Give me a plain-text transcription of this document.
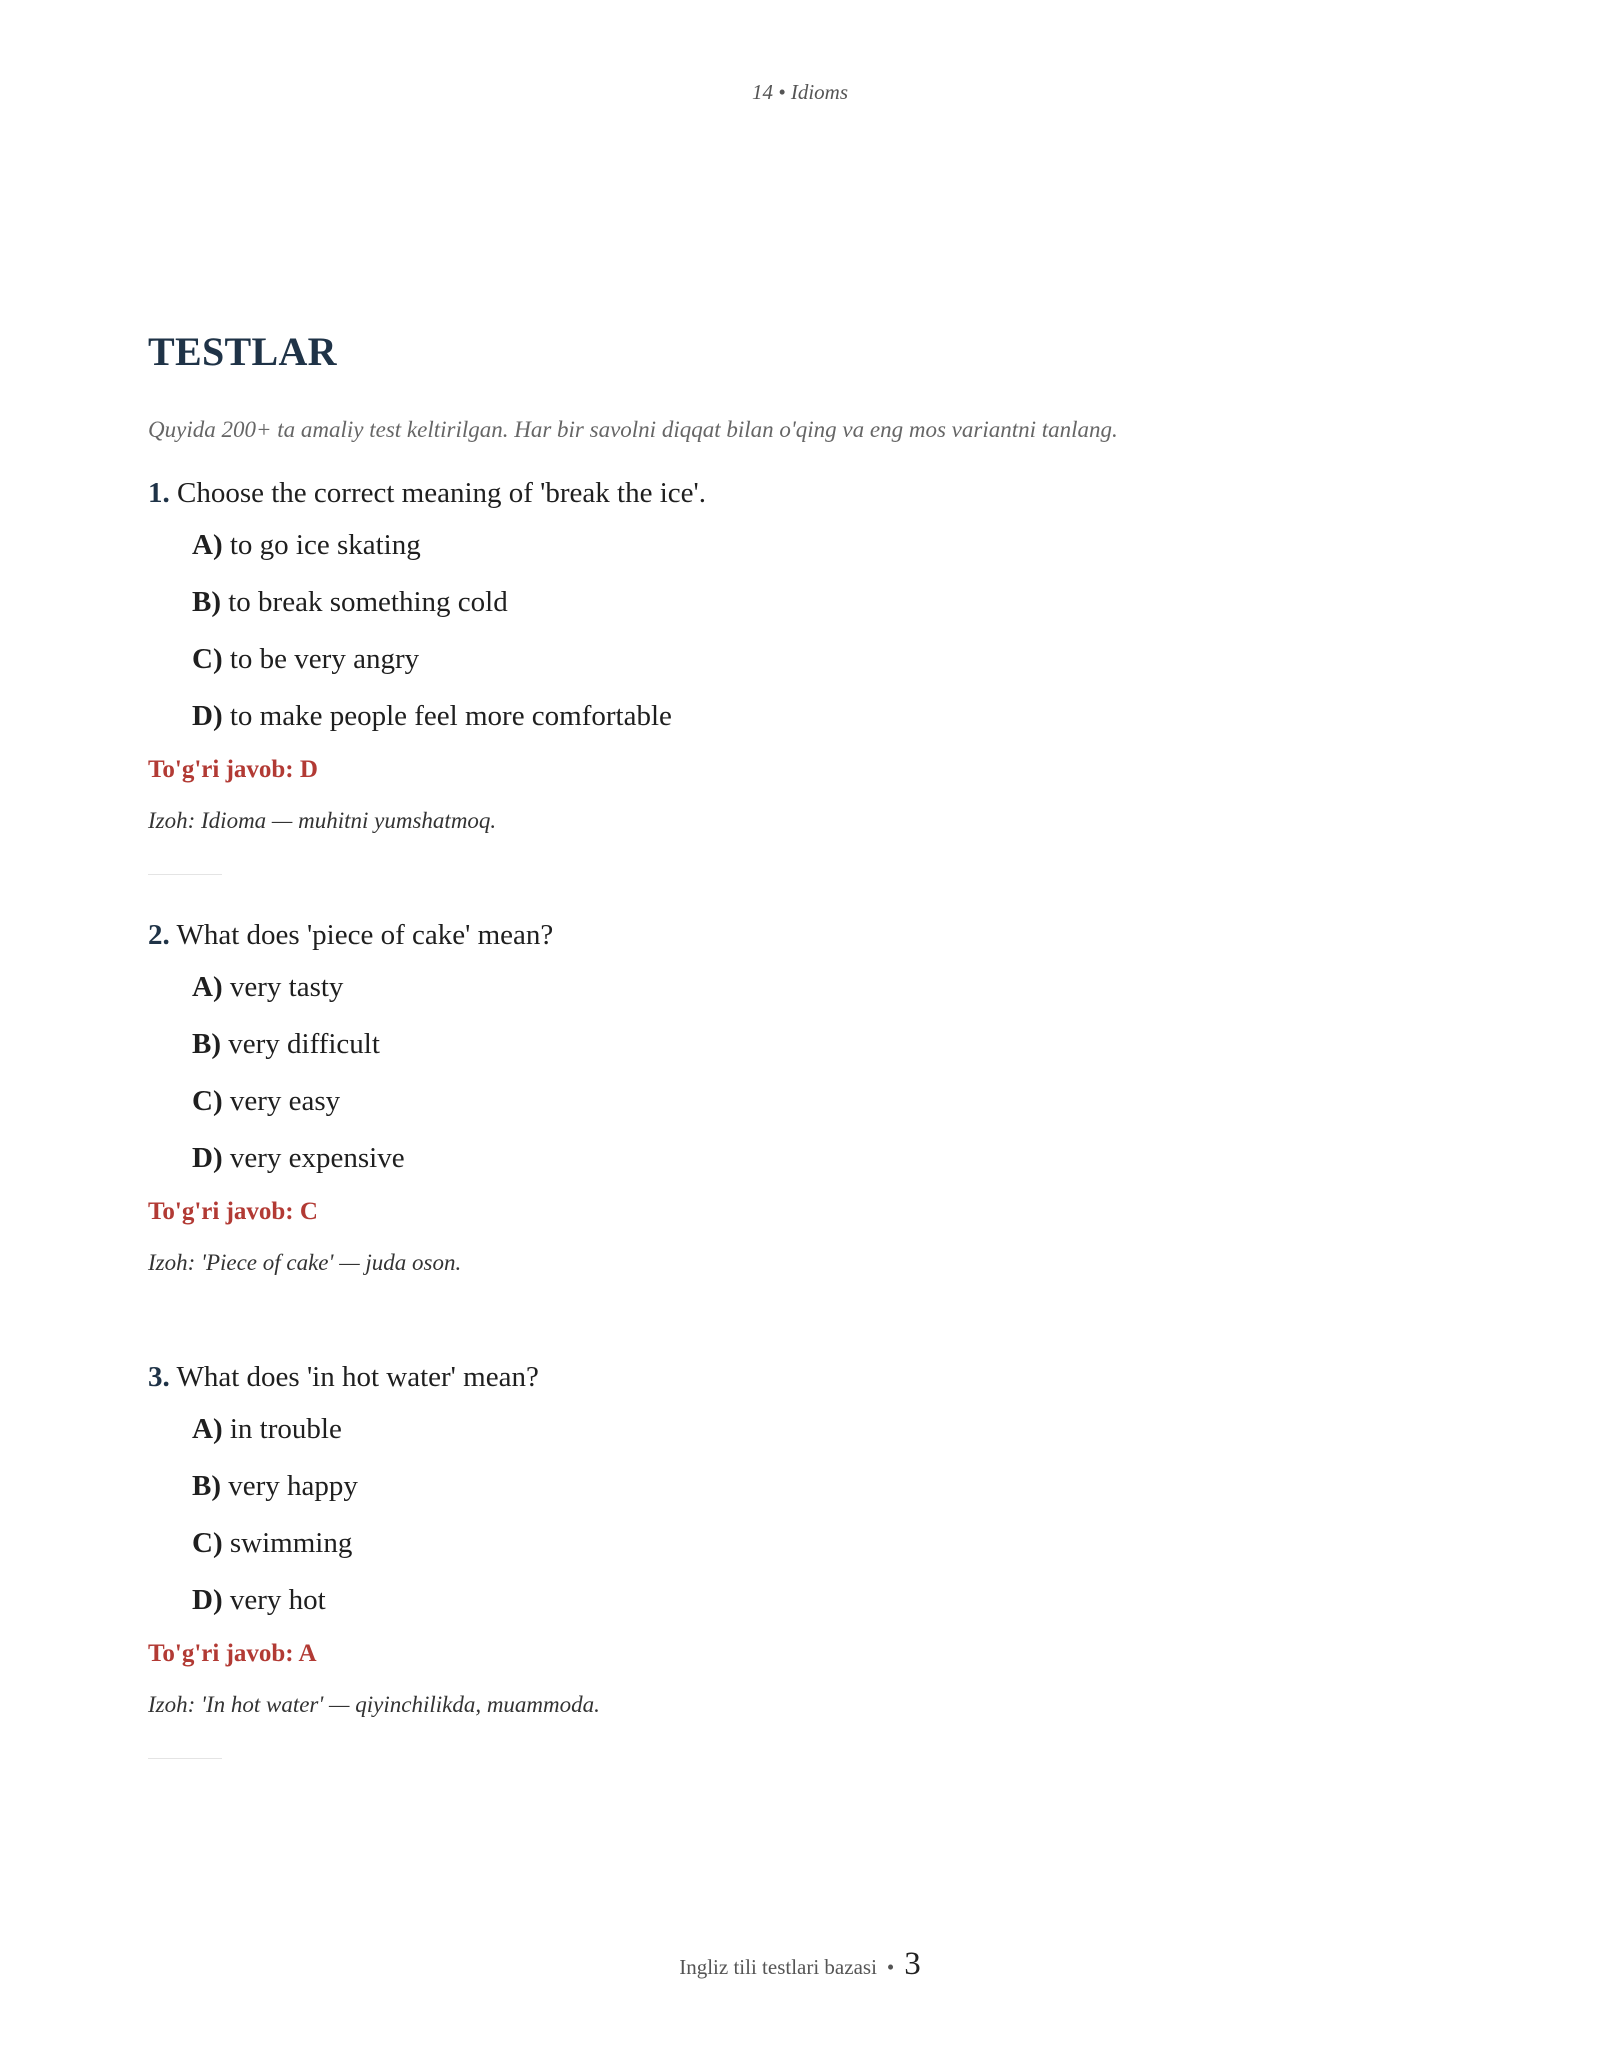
14 • Idioms
TESTLAR

Quyida 200+ ta amaliy test keltirilgan. Har bir savolni diqqat bilan o'qing va eng mos variantni tanlang.

1. Choose the correct meaning of 'break the ice'.

A) to go ice skating
B) to break something cold
C) to be very angry
D) to make people feel more comfortable

To'g'ri javob: D

Izoh: Idioma — muhitni yumshatmoq.

2. What does 'piece of cake' mean?

A) very tasty
B) very difficult
C) very easy
D) very expensive

To'g'ri javob: C

Izoh: 'Piece of cake' — juda oson.

3. What does 'in hot water' mean?

A) in trouble
B) very happy
C) swimming
D) very hot

To'g'ri javob: A

Izoh: 'In hot water' — qiyinchilikda, muammoda.

Ingliz tili testlari bazasi • 3
